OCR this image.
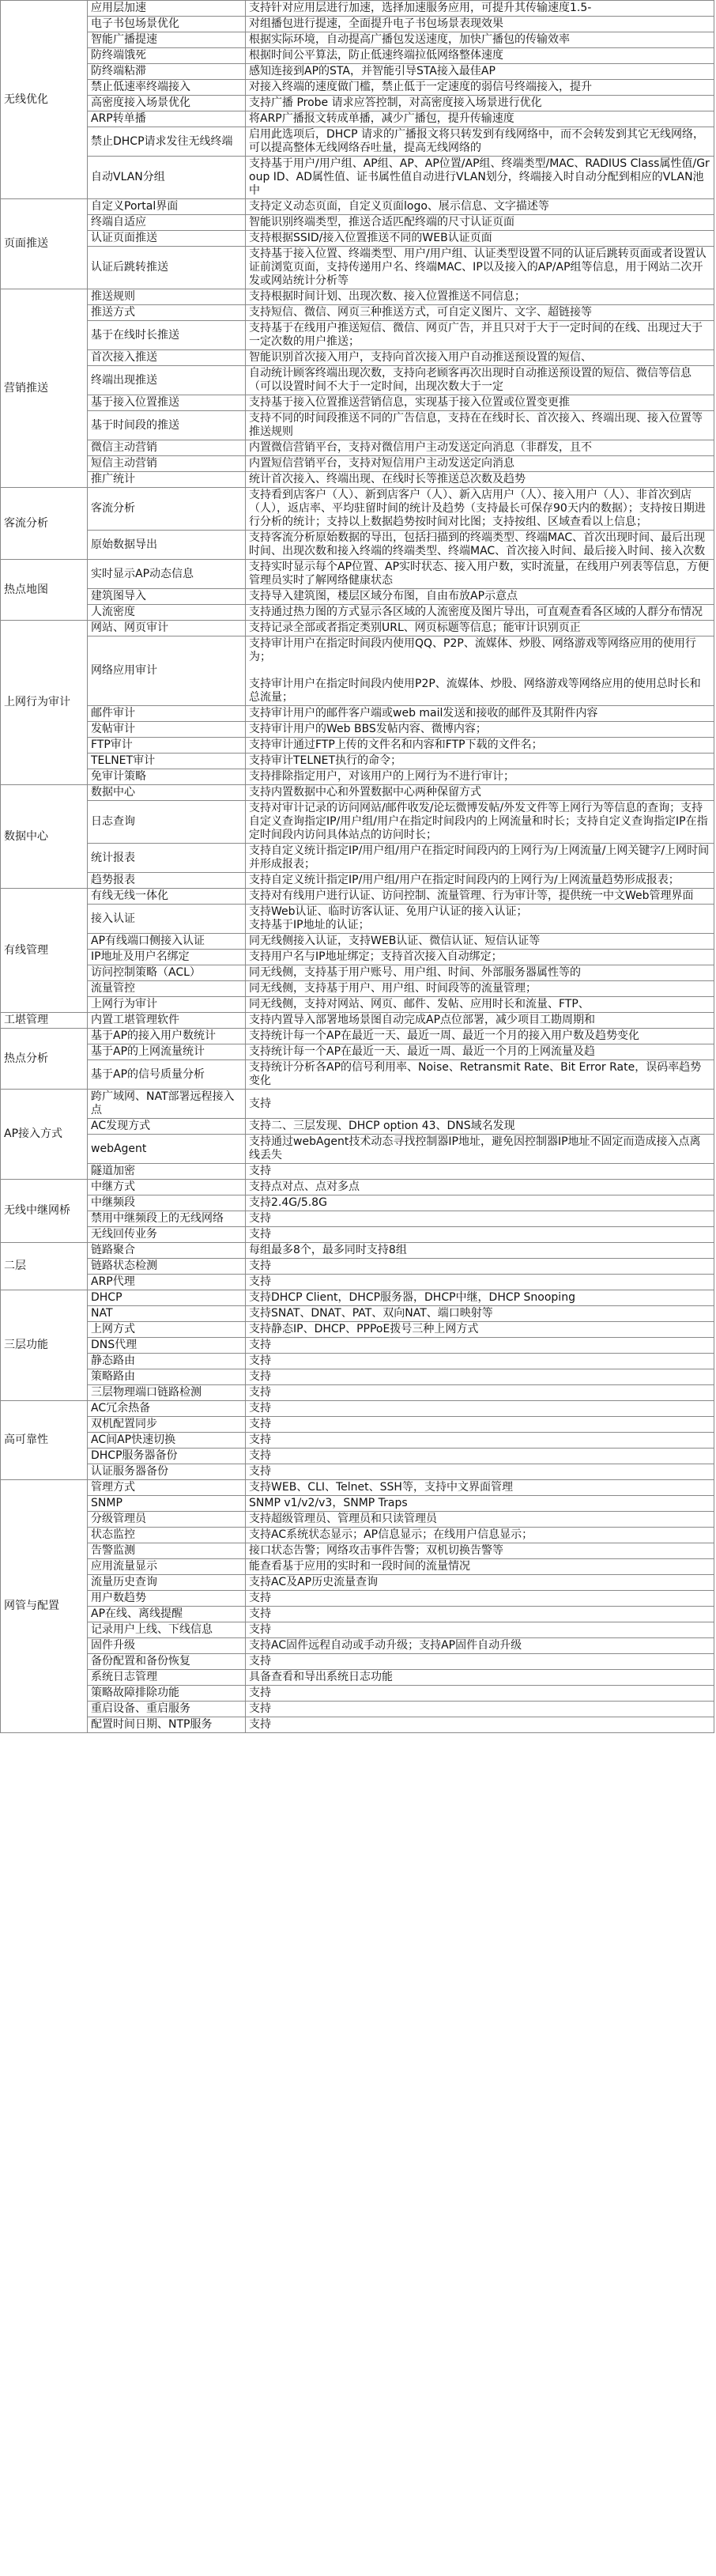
无线优化	应用层加速	支持针对应用层进行加速，选择加速服务应用，可提升其传输速度1.5-
	电子书包场景优化	对组播包进行提速，全面提升电子书包场景表现效果
	智能广播提速	根据实际环境，自动提高广播包发送速度，加快广播包的传输效率
	防终端饿死	根据时间公平算法，防止低速终端拉低网络整体速度
	防终端粘滞	感知连接到AP的STA，并智能引导STA接入最佳AP
	禁止低速率终端接入	对接入终端的速度做门槛，禁止低于一定速度的弱信号终端接入，提升
	高密度接入场景优化	支持广播 Probe 请求应答控制，对高密度接入场景进行优化
	ARP转单播	将ARP广播报文转成单播，减少广播包，提升传输速度
	禁止DHCP请求发往无线终端	启用此选项后，DHCP 请求的广播报文将只转发到有线网络中，而不会转发到其它无线网络，可以提高整体无线网络吞吐量，提高无线网络的
	自动VLAN分组	支持基于用户/用户组、AP组、AP、AP位置/AP组、终端类型/MAC、RADIUS Class属性值/Group ID、AD属性值、证书属性值自动进行VLAN划分，终端接入时自动分配到相应的VLAN池中
页面推送	自定义Portal界面	支持定义动态页面，自定义页面logo、展示信息、文字描述等
	终端自适应	智能识别终端类型，推送合适匹配终端的尺寸认证页面
	认证页面推送	支持根据SSID/接入位置推送不同的WEB认证页面
	认证后跳转推送	支持基于接入位置、终端类型、用户/用户组、认证类型设置不同的认证后跳转页面或者设置认证前浏览页面，支持传递用户名、终端MAC、IP以及接入的AP/AP组等信息，用于网站二次开发或网站统计分析等
营销推送	推送规则	支持根据时间计划、出现次数、接入位置推送不同信息；
	推送方式	支持短信、微信、网页三种推送方式，可自定义图片、文字、超链接等
	基于在线时长推送	支持基于在线用户推送短信、微信、网页广告，并且只对于大于一定时间的在线、出现过大于一定次数的用户推送；
	首次接入推送	智能识别首次接入用户，支持向首次接入用户自动推送预设置的短信、
	终端出现推送	自动统计顾客终端出现次数，支持向老顾客再次出现时自动推送预设置的短信、微信等信息（可以设置时间不大于一定时间，出现次数大于一定
	基于接入位置推送	支持基于接入位置推送营销信息，实现基于接入位置或位置变更推
	基于时间段的推送	支持不同的时间段推送不同的广告信息，支持在在线时长、首次接入、终端出现、接入位置等推送规则
	微信主动营销	内置微信营销平台，支持对微信用户主动发送定向消息（非群发，且不
	短信主动营销	内置短信营销平台，支持对短信用户主动发送定向消息
	推广统计	统计首次接入、终端出现、在线时长等推送总次数及趋势
客流分析	客流分析	支持看到店客户（人）、新到店客户（人）、新入店用户（人）、接入用户（人）、非首次到店（人），返店率、平均驻留时间的统计及趋势（支持最长可保存90天内的数据）；支持按日期进行分析的统计；支持以上数据趋势按时间对比图；支持按组、区域查看以上信息；
	原始数据导出	支持客流分析原始数据的导出，包括扫描到的终端类型、终端MAC、首次出现时间、最后出现时间、出现次数和接入终端的终端类型、终端MAC、首次接入时间、最后接入时间、接入次数
热点地图	实时显示AP动态信息	支持实时显示每个AP位置、AP实时状态、接入用户数，实时流量，在线用户列表等信息，方便管理员实时了解网络健康状态
	建筑图导入	支持导入建筑图，楼层区域分布图，自由布放AP示意点
	人流密度	支持通过热力图的方式显示各区域的人流密度及图片导出，可直观查看各区域的人群分布情况
上网行为审计	网站、网页审计	支持记录全部或者指定类别URL、网页标题等信息；能审计识别页正
	网络应用审计	支持审计用户在指定时间段内使用QQ、P2P、流媒体、炒股、网络游戏等网络应用的使用行为；

支持审计用户在指定时间段内使用P2P、流媒体、炒股、网络游戏等网络应用的使用总时长和总流量；
	邮件审计	支持审计用户的邮件客户端或web mail发送和接收的邮件及其附件内容
	发帖审计	支持审计用户的Web BBS发帖内容、微博内容；
	FTP审计	支持审计通过FTP上传的文件名和内容和FTP下载的文件名；
	TELNET审计	支持审计TELNET执行的命令；
	免审计策略	支持排除指定用户，对该用户的上网行为不进行审计；
数据中心	数据中心	支持内置数据中心和外置数据中心两种保留方式
	日志查询	支持对审计记录的访问网站/邮件收发/论坛微博发帖/外发文件等上网行为等信息的查询；支持自定义查询指定IP/用户组/用户在指定时间段内的上网流量和时长；支持自定义查询指定IP在指定时间段内访问具体站点的访问时长；
	统计报表	支持自定义统计指定IP/用户组/用户在指定时间段内的上网行为/上网流量/上网关键字/上网时间并形成报表；
	趋势报表	支持自定义统计指定IP/用户组/用户在指定时间段内的上网行为/上网流量趋势形成报表；
有线管理	有线无线一体化	支持对有线用户进行认证、访问控制、流量管理、行为审计等，提供统一中文Web管理界面
	接入认证	支持Web认证、临时访客认证、免用户认证的接入认证；
支持基于IP地址的认证；
	AP有线端口侧接入认证	同无线侧接入认证，支持WEB认证、微信认证、短信认证等
	IP地址及用户名绑定	支持用户名与IP地址绑定；支持首次接入自动绑定；
	访问控制策略（ACL）	同无线侧，支持基于用户账号、用户组、时间、外部服务器属性等的
	流量管控	同无线侧，支持基于用户、用户组、时间段等的流量管理；
	上网行为审计	同无线侧，支持对网站、网页、邮件、发帖、应用时长和流量、FTP、
工堪管理	内置工堪管理软件	支持内置导入部署地场景图自动完成AP点位部署，减少项目工勘周期和
热点分析	基于AP的接入用户数统计	支持统计每一个AP在最近一天、最近一周、最近一个月的接入用户数及趋势变化
	基于AP的上网流量统计	支持统计每一个AP在最近一天、最近一周、最近一个月的上网流量及趋
	基于AP的信号质量分析	支持统计分析各AP的信号利用率、Noise、Retransmit Rate、Bit Error Rate，误码率趋势变化
AP接入方式	跨广域网、NAT部署远程接入点	支持
	AC发现方式	支持二、三层发现、DHCP option 43、DNS域名发现
	webAgent	支持通过webAgent技术动态寻找控制器IP地址，避免因控制器IP地址不固定而造成接入点离线丢失
	隧道加密	支持
无线中继网桥	中继方式	支持点对点、点对多点
	中继频段	支持2.4G/5.8G
	禁用中继频段上的无线网络	支持
	无线回传业务	支持
二层	链路聚合	每组最多8个，最多同时支持8组
	链路状态检测	支持
	ARP代理	支持
三层功能	DHCP	支持DHCP Client，DHCP服务器，DHCP中继，DHCP Snooping
	NAT	支持SNAT、DNAT、PAT、双向NAT、端口映射等
	上网方式	支持静态IP、DHCP、PPPoE拨号三种上网方式
	DNS代理	支持
	静态路由	支持
	策略路由	支持
	三层物理端口链路检测	支持
高可靠性	AC冗余热备	支持
	双机配置同步	支持
	AC间AP快速切换	支持
	DHCP服务器备份	支持
	认证服务器备份	支持
网管与配置	管理方式	支持WEB、CLI、Telnet、SSH等，支持中文界面管理
	SNMP	SNMP v1/v2/v3，SNMP Traps
	分级管理员	支持超级管理员、管理员和只读管理员
	状态监控	支持AC系统状态显示；AP信息显示；在线用户信息显示；
	告警监测	接口状态告警；网络攻击事件告警；双机切换告警等
	应用流量显示	能查看基于应用的实时和一段时间的流量情况
	流量历史查询	支持AC及AP历史流量查询
	用户数趋势	支持
	AP在线、离线提醒	支持
	记录用户上线、下线信息	支持
	固件升级	支持AC固件远程自动或手动升级；支持AP固件自动升级
	备份配置和备份恢复	支持
	系统日志管理	具备查看和导出系统日志功能
	策略故障排除功能	支持
	重启设备、重启服务	支持
	配置时间日期、NTP服务	支持
